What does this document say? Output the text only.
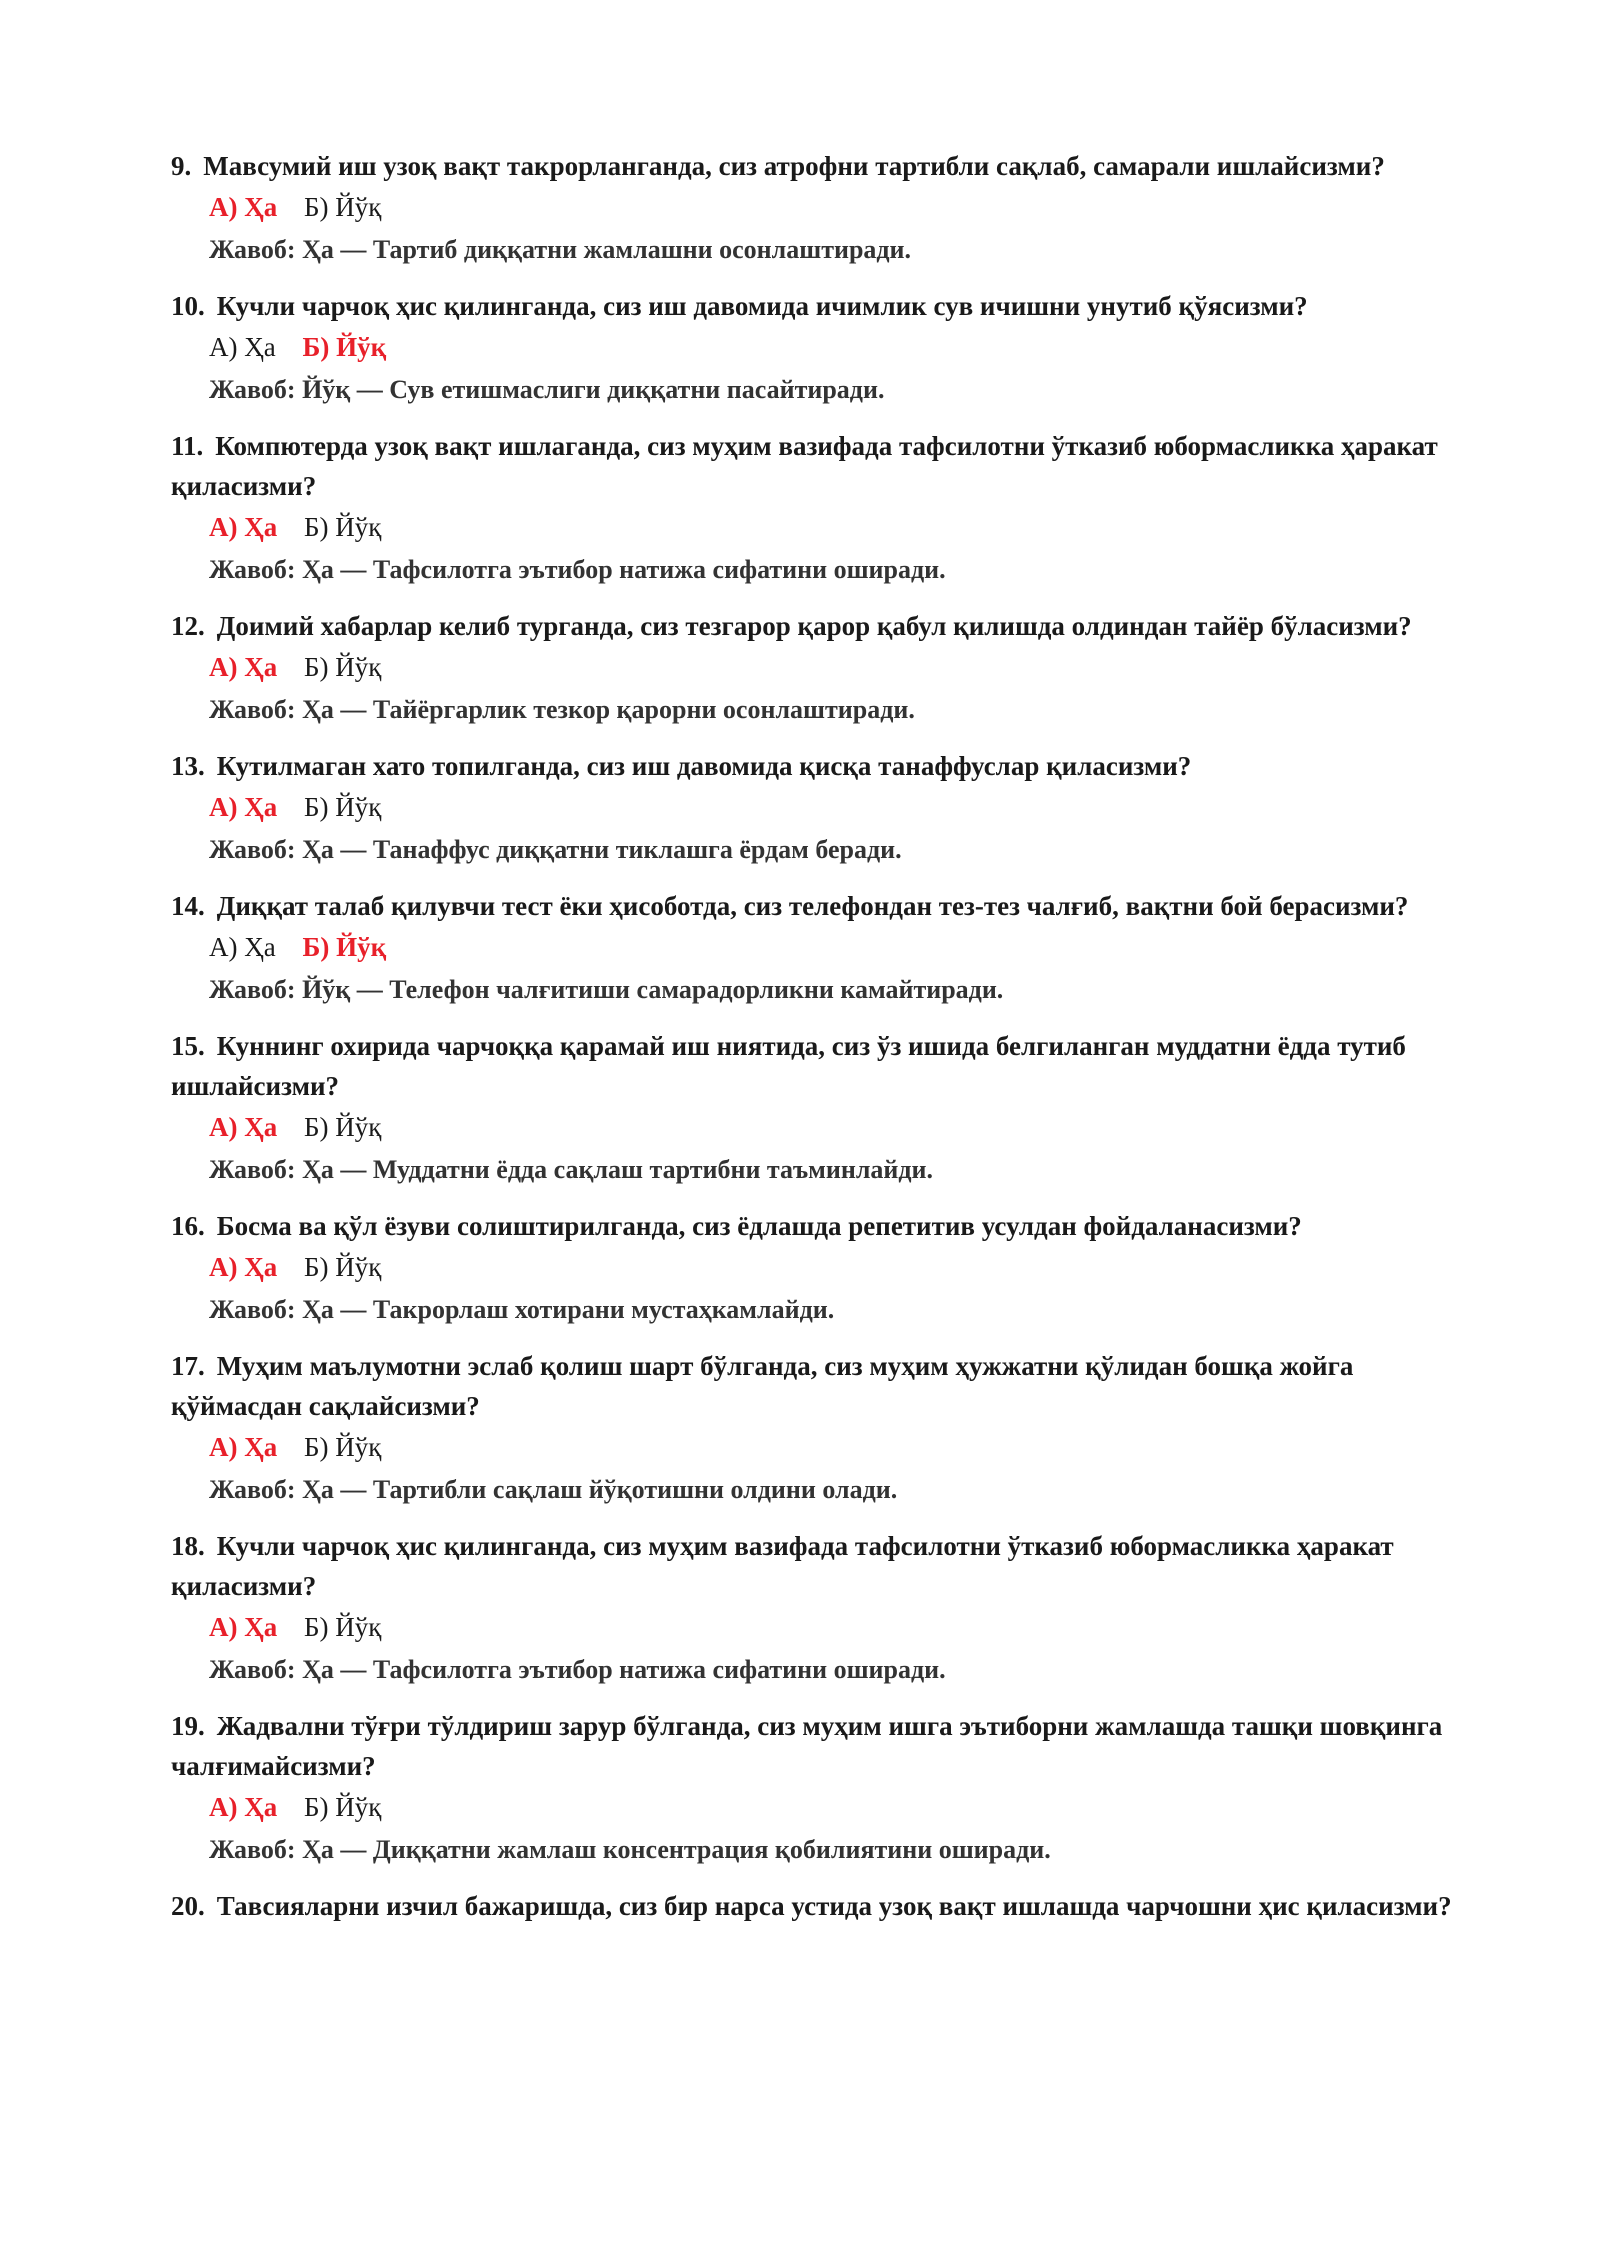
9. Мавсумий иш узоқ вақт такрорланганда, сиз атрофни тартибли сақлаб, самарали ишлайсизми?

А) Ҳа Б) Йўқ
Жавоб: Ҳа — Тартиб диққатни жамлашни осонлаштиради.

10. Кучли чарчоқ ҳис қилинганда, сиз иш давомида ичимлик сув ичишни унутиб қўясизми?

А) Ҳа Б) Йўқ
Жавоб: Йўқ — Сув етишмаслиги диққатни пасайтиради.

11. Компютерда узоқ вақт ишлаганда, сиз муҳим вазифада тафсилотни ўтказиб юбормасликка ҳаракат қиласизми?

А) Ҳа Б) Йўқ
Жавоб: Ҳа — Тафсилотга эътибор натижа сифатини оширади.

12. Доимий хабарлар келиб турганда, сиз тезгарор қарор қабул қилишда олдиндан тайёр бўласизми?

А) Ҳа Б) Йўқ
Жавоб: Ҳа — Тайёргарлик тезкор қарорни осонлаштиради.

13. Кутилмаган хато топилганда, сиз иш давомида қисқа танаффуслар қиласизми?

А) Ҳа Б) Йўқ
Жавоб: Ҳа — Танаффус диққатни тиклашга ёрдам беради.

14. Диққат талаб қилувчи тест ёки ҳисоботда, сиз телефондан тез-тез чалғиб, вақтни бой берасизми?

А) Ҳа Б) Йўқ
Жавоб: Йўқ — Телефон чалғитиши самарадорликни камайтиради.

15. Куннинг охирида чарчоққа қарамай иш ниятида, сиз ўз ишида белгиланган муддатни ёдда тутиб ишлайсизми?

А) Ҳа Б) Йўқ
Жавоб: Ҳа — Муддатни ёдда сақлаш тартибни таъминлайди.

16. Босма ва қўл ёзуви солиштирилганда, сиз ёдлашда репетитив усулдан фойдаланасизми?

А) Ҳа Б) Йўқ
Жавоб: Ҳа — Такрорлаш хотирани мустаҳкамлайди.

17. Муҳим маълумотни эслаб қолиш шарт бўлганда, сиз муҳим ҳужжатни қўлидан бошқа жойга қўймасдан сақлайсизми?

А) Ҳа Б) Йўқ
Жавоб: Ҳа — Тартибли сақлаш йўқотишни олдини олади.

18. Кучли чарчоқ ҳис қилинганда, сиз муҳим вазифада тафсилотни ўтказиб юбормасликка ҳаракат қиласизми?

А) Ҳа Б) Йўқ
Жавоб: Ҳа — Тафсилотга эътибор натижа сифатини оширади.

19. Жадвални тўғри тўлдириш зарур бўлганда, сиз муҳим ишга эътиборни жамлашда ташқи шовқинга чалғимайсизми?

А) Ҳа Б) Йўқ
Жавоб: Ҳа — Диққатни жамлаш консентрация қобилиятини оширади.

20. Тавсияларни изчил бажаришда, сиз бир нарса устида узоқ вақт ишлашда чарчошни ҳис қиласизми?
